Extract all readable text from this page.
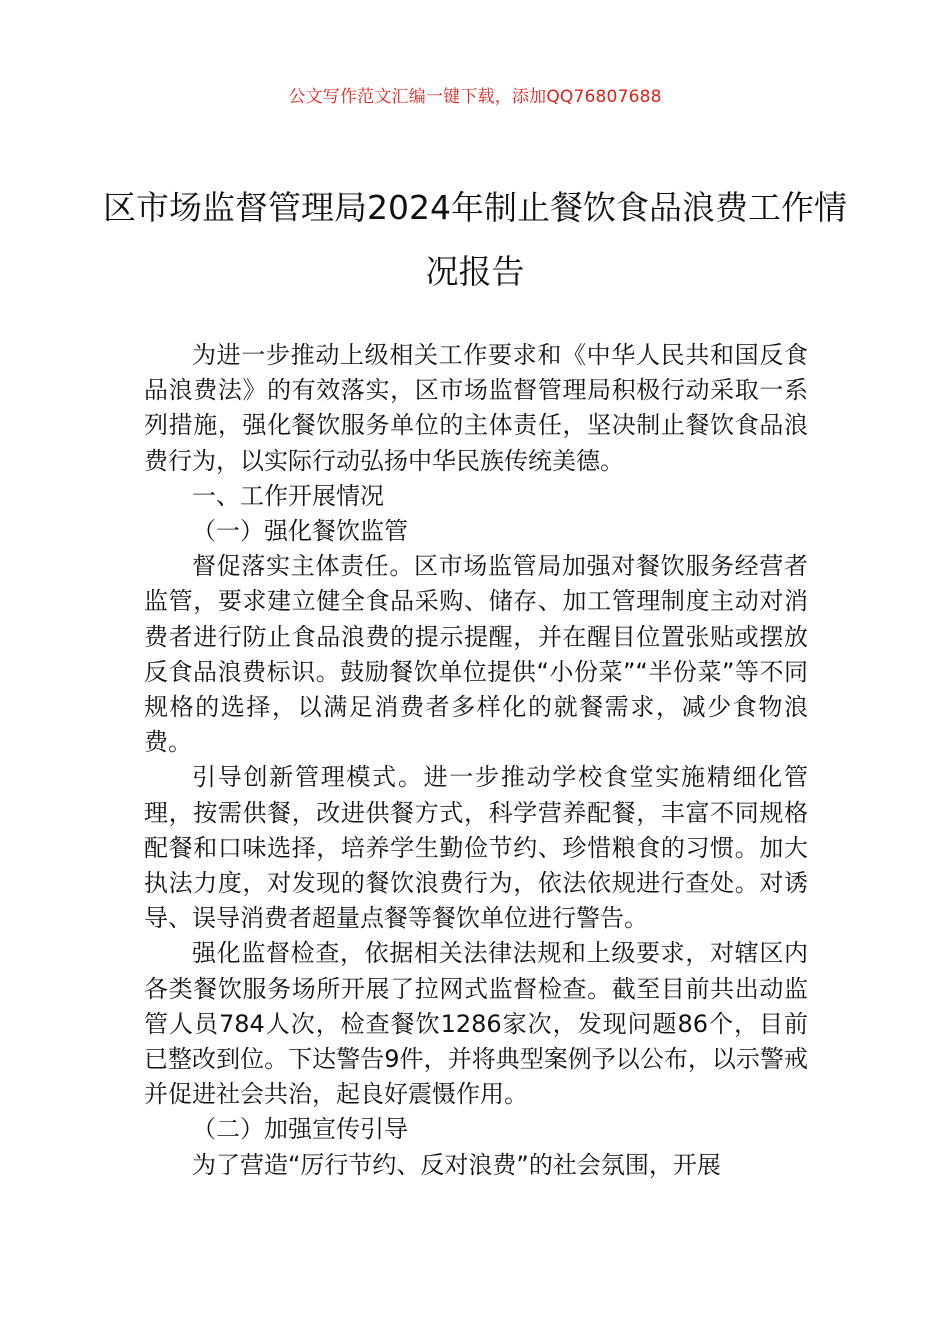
公文写作范文汇编一键下载，添加QQ76807688
区市场监督管理局2024年制止餐饮食品浪费工作情况报告

为进一步推动上级相关工作要求和《中华人民共和国反食品浪费法》的有效落实，区市场监督管理局积极行动采取一系列措施，强化餐饮服务单位的主体责任，坚决制止餐饮食品浪费行为，以实际行动弘扬中华民族传统美德。

一、工作开展情况

（一）强化餐饮监管

督促落实主体责任。区市场监管局加强对餐饮服务经营者监管，要求建立健全食品采购、储存、加工管理制度主动对消费者进行防止食品浪费的提示提醒，并在醒目位置张贴或摆放反食品浪费标识。鼓励餐饮单位提供“小份菜”“半份菜”等不同规格的选择，以满足消费者多样化的就餐需求，减少食物浪费。

引导创新管理模式。进一步推动学校食堂实施精细化管理，按需供餐，改进供餐方式，科学营养配餐，丰富不同规格配餐和口味选择，培养学生勤俭节约、珍惜粮食的习惯。加大执法力度，对发现的餐饮浪费行为，依法依规进行查处。对诱导、误导消费者超量点餐等餐饮单位进行警告。

强化监督检查，依据相关法律法规和上级要求，对辖区内各类餐饮服务场所开展了拉网式监督检查。截至目前共出动监管人员784人次，检查餐饮1286家次，发现问题86个，目前已整改到位。下达警告9件，并将典型案例予以公布，以示警戒并促进社会共治，起良好震慑作用。

（二）加强宣传引导

为了营造“厉行节约、反对浪费”的社会氛围，开展
